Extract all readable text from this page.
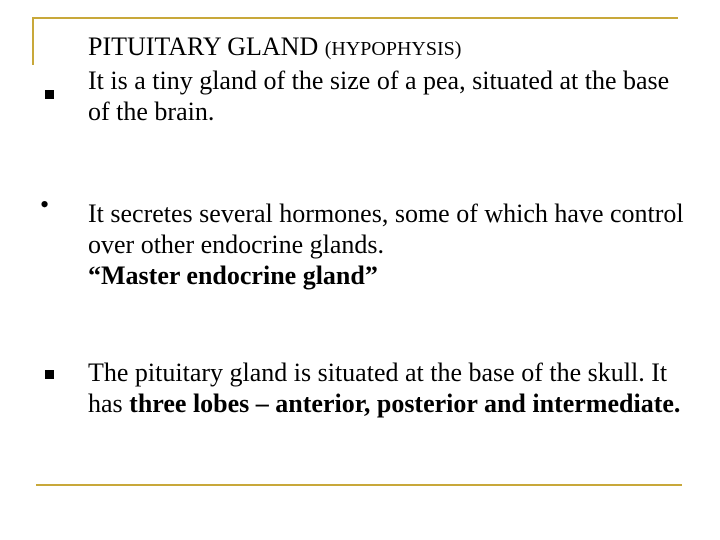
PITUITARY GLAND (HYPOPHYSIS)
It is a tiny gland of the size of a pea, situated at the base of the brain.
• It secretes several hormones, some of which have control over other endocrine glands.
“Master endocrine gland”
The pituitary gland is situated at the base of the skull. It has three lobes – anterior, posterior and intermediate.
